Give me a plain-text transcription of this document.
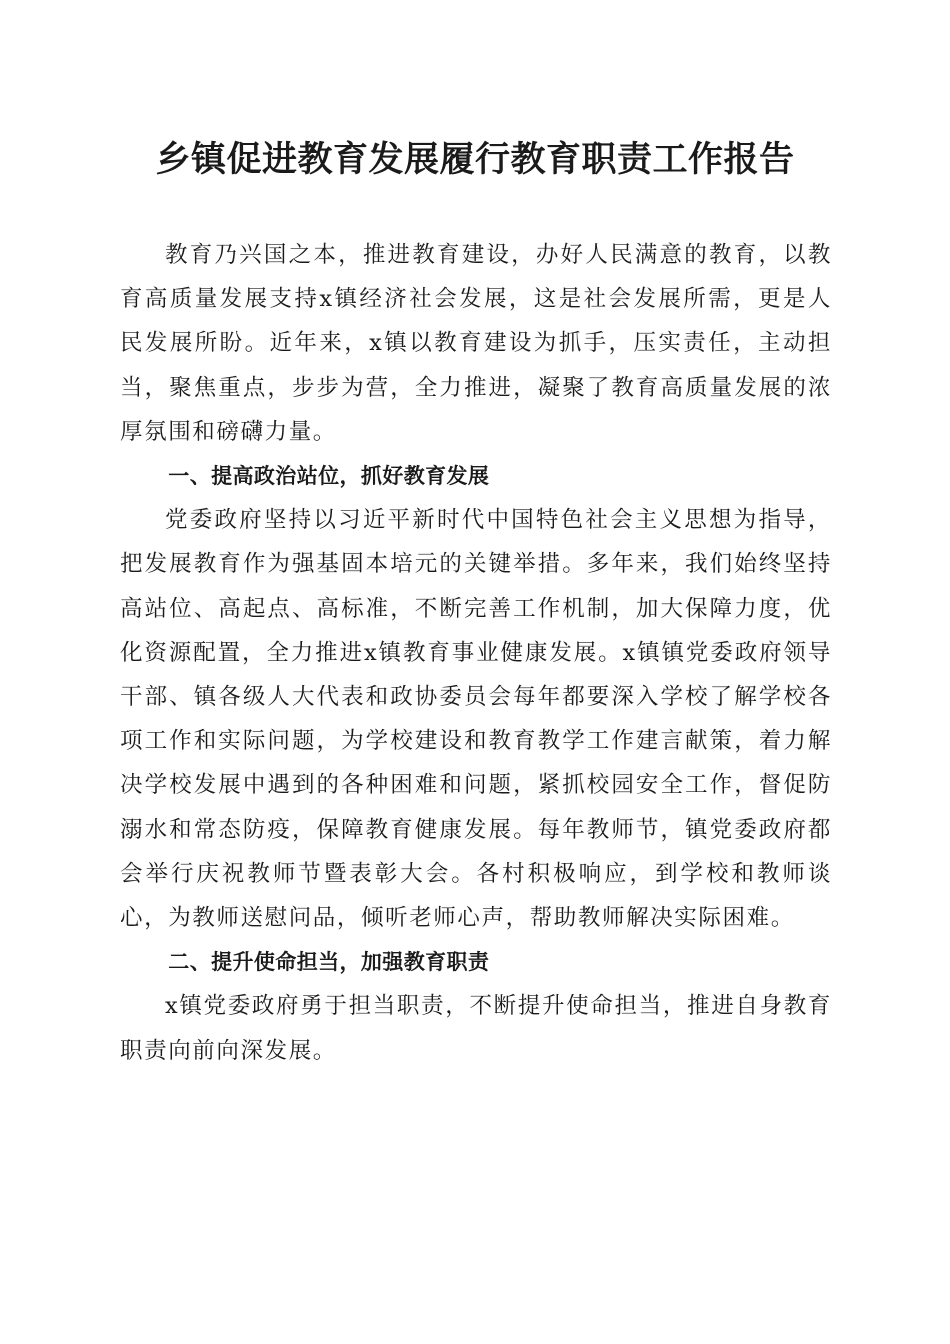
乡镇促进教育发展履行教育职责工作报告

教育乃兴国之本，推进教育建设，办好人民满意的教育，以教育高质量发展支持x镇经济社会发展，这是社会发展所需，更是人民发展所盼。近年来，x镇以教育建设为抓手，压实责任，主动担当，聚焦重点，步步为营，全力推进，凝聚了教育高质量发展的浓厚氛围和磅礴力量。

一、提高政治站位，抓好教育发展

党委政府坚持以习近平新时代中国特色社会主义思想为指导，把发展教育作为强基固本培元的关键举措。多年来，我们始终坚持高站位、高起点、高标准，不断完善工作机制，加大保障力度，优化资源配置，全力推进x镇教育事业健康发展。x镇镇党委政府领导干部、镇各级人大代表和政协委员会每年都要深入学校了解学校各项工作和实际问题，为学校建设和教育教学工作建言献策，着力解决学校发展中遇到的各种困难和问题，紧抓校园安全工作，督促防溺水和常态防疫，保障教育健康发展。每年教师节，镇党委政府都会举行庆祝教师节暨表彰大会。各村积极响应，到学校和教师谈心，为教师送慰问品，倾听老师心声，帮助教师解决实际困难。

二、提升使命担当，加强教育职责

x镇党委政府勇于担当职责，不断提升使命担当，推进自身教育职责向前向深发展。
